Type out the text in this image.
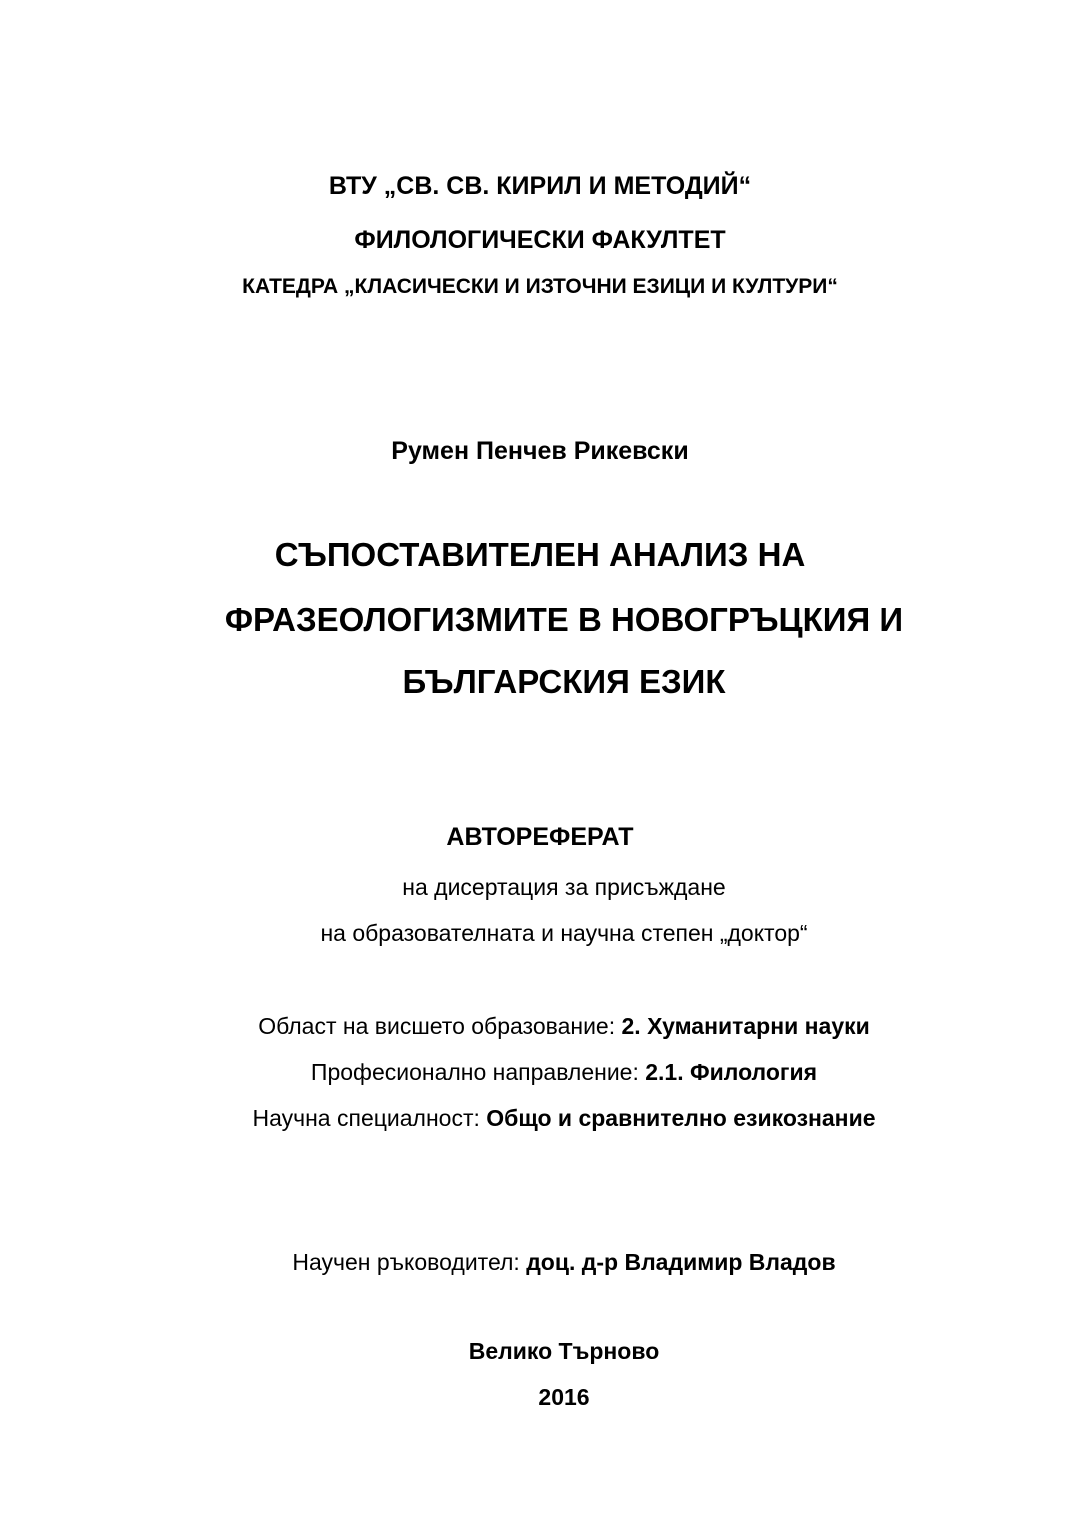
ВТУ „СВ. СВ. КИРИЛ И МЕТОДИЙ“
ФИЛОЛОГИЧЕСКИ ФАКУЛТЕТ
КАТЕДРА „КЛАСИЧЕСКИ И ИЗТОЧНИ ЕЗИЦИ И КУЛТУРИ“
Румен Пенчев Рикевски
СЪПОСТАВИТЕЛЕН АНАЛИЗ НА
ФРАЗЕОЛОГИЗМИТЕ В НОВОГРЪЦКИЯ И
БЪЛГАРСКИЯ ЕЗИК
АВТОРЕФЕРАТ
на дисертация за присъждане
на образователната и научна степен „доктор“
Област на висшето образование: 2. Хуманитарни науки
Професионално направление: 2.1. Филология
Научна специалност: Общо и сравнително езикознание
Научен ръководител: доц. д-р Владимир Владов
Велико Търново
2016
